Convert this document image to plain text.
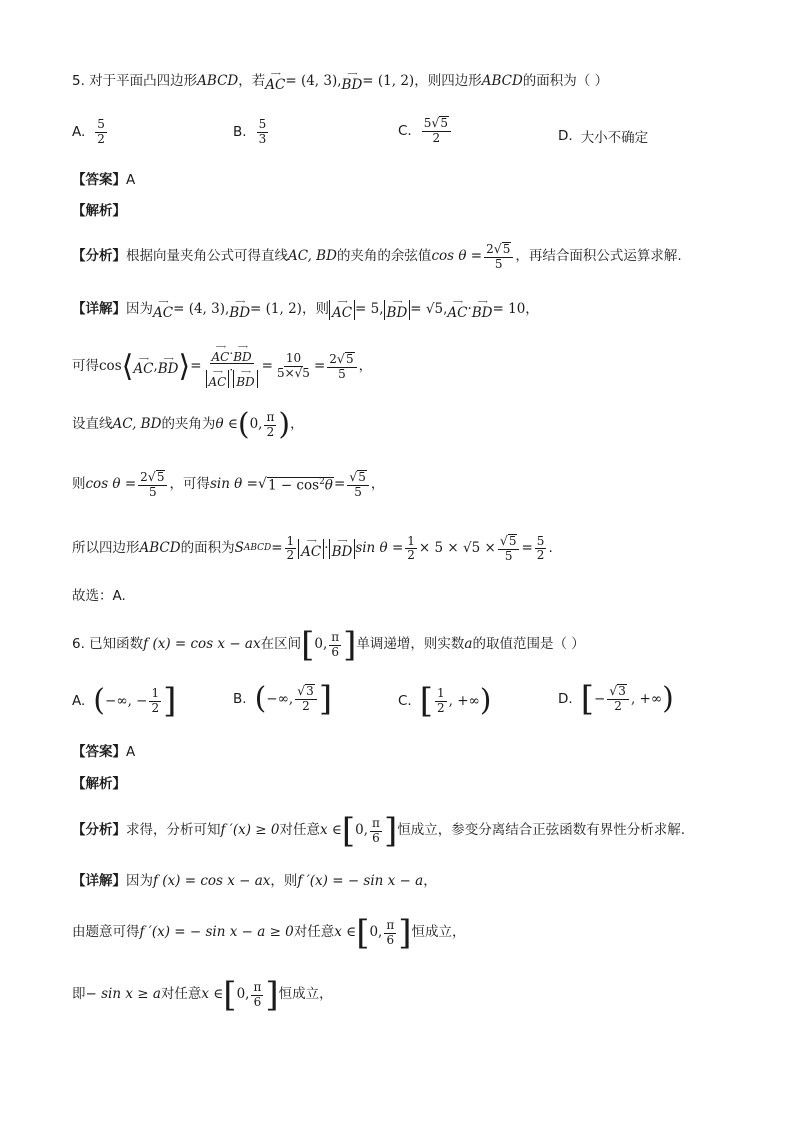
5. 对于平面凸四边形 ABCD ，若 ⟶
AC = (4, 3), ⟶
BD = (1, 2) ，则四边形 ABCD 的面积为（ ）
A. $\frac{5}{2}$	B. $\frac{5}{3}$	C. $\frac{5 √ 5}{2}$	D. 大小不确定
【答案】 A
【解析】
【分析】 根据向量夹角公式可得直线 AC, BD 的夹角的余弦值 $\cos \theta = \frac{2 √ 5}{5}$ ，再结合面积公式运算求解.
【详解】 因为 ⟶
AC = (4, 3), ⟶
BD = (1, 2) ，则 ⟶
AC = 5, ⟶
BD = √5, ⟶
AC · ⟶
BD = 10 ，
可得 cos ⟨ ⟶
AC , ⟶
BD ⟩ = ⟶
AC · ⟶
BD
⟶
AC
· ⟶
BD = $\frac{10}{5\times√5} = \frac{2 √ 5}{5}$ ，
设直线 AC, BD 的夹角为 θ ∈ ( 0, $\frac{\pi}{2}$ ) ，
则 $\cos \theta = \frac{2 √ 5}{5}$ ，可得 sin θ = √ $1 - \cos^2\theta = \frac{√ 5}{5}$ ，
所以四边形 ABCD 的面积为 S ABCD = $\frac{1}{2}$ ⟶
AC · ⟶
BD $\sin \theta = \frac{1}{2} \times 5 \times √5 \times \frac{√ 5}{5} = \frac{5}{2}$ .
故选：A.
6. 已知函数 f (x) = cos x − ax 在区间 [ 0, $\frac{\pi}{6}$ ] 单调递增，则实数 a 的取值范围是（ ）
A. ( −∞, − $\frac{1}{2}$ ]	B. ( −∞, $\frac{√ 3}{2}$ ]	C. [ $\frac{1}{2}$ , +∞ )	D. [ − $\frac{√ 3}{2}$ , +∞ )
【答案】 A
【解析】
【分析】 求得，分析可知 f ′(x) ≥ 0 对任意 x ∈ [ 0, $\frac{\pi}{6}$ ] 恒成立，参变分离结合正弦函数有界性分析求解.
【详解】 因为 f (x) = cos x − ax ，则 f ′(x) = − sin x − a ，
由题意可得 f ′(x) = − sin x − a ≥ 0 对任意 x ∈ [ 0, $\frac{\pi}{6}$ ] 恒成立，
即 − sin x ≥ a 对任意 x ∈ [ 0, $\frac{\pi}{6}$ ] 恒成立，
